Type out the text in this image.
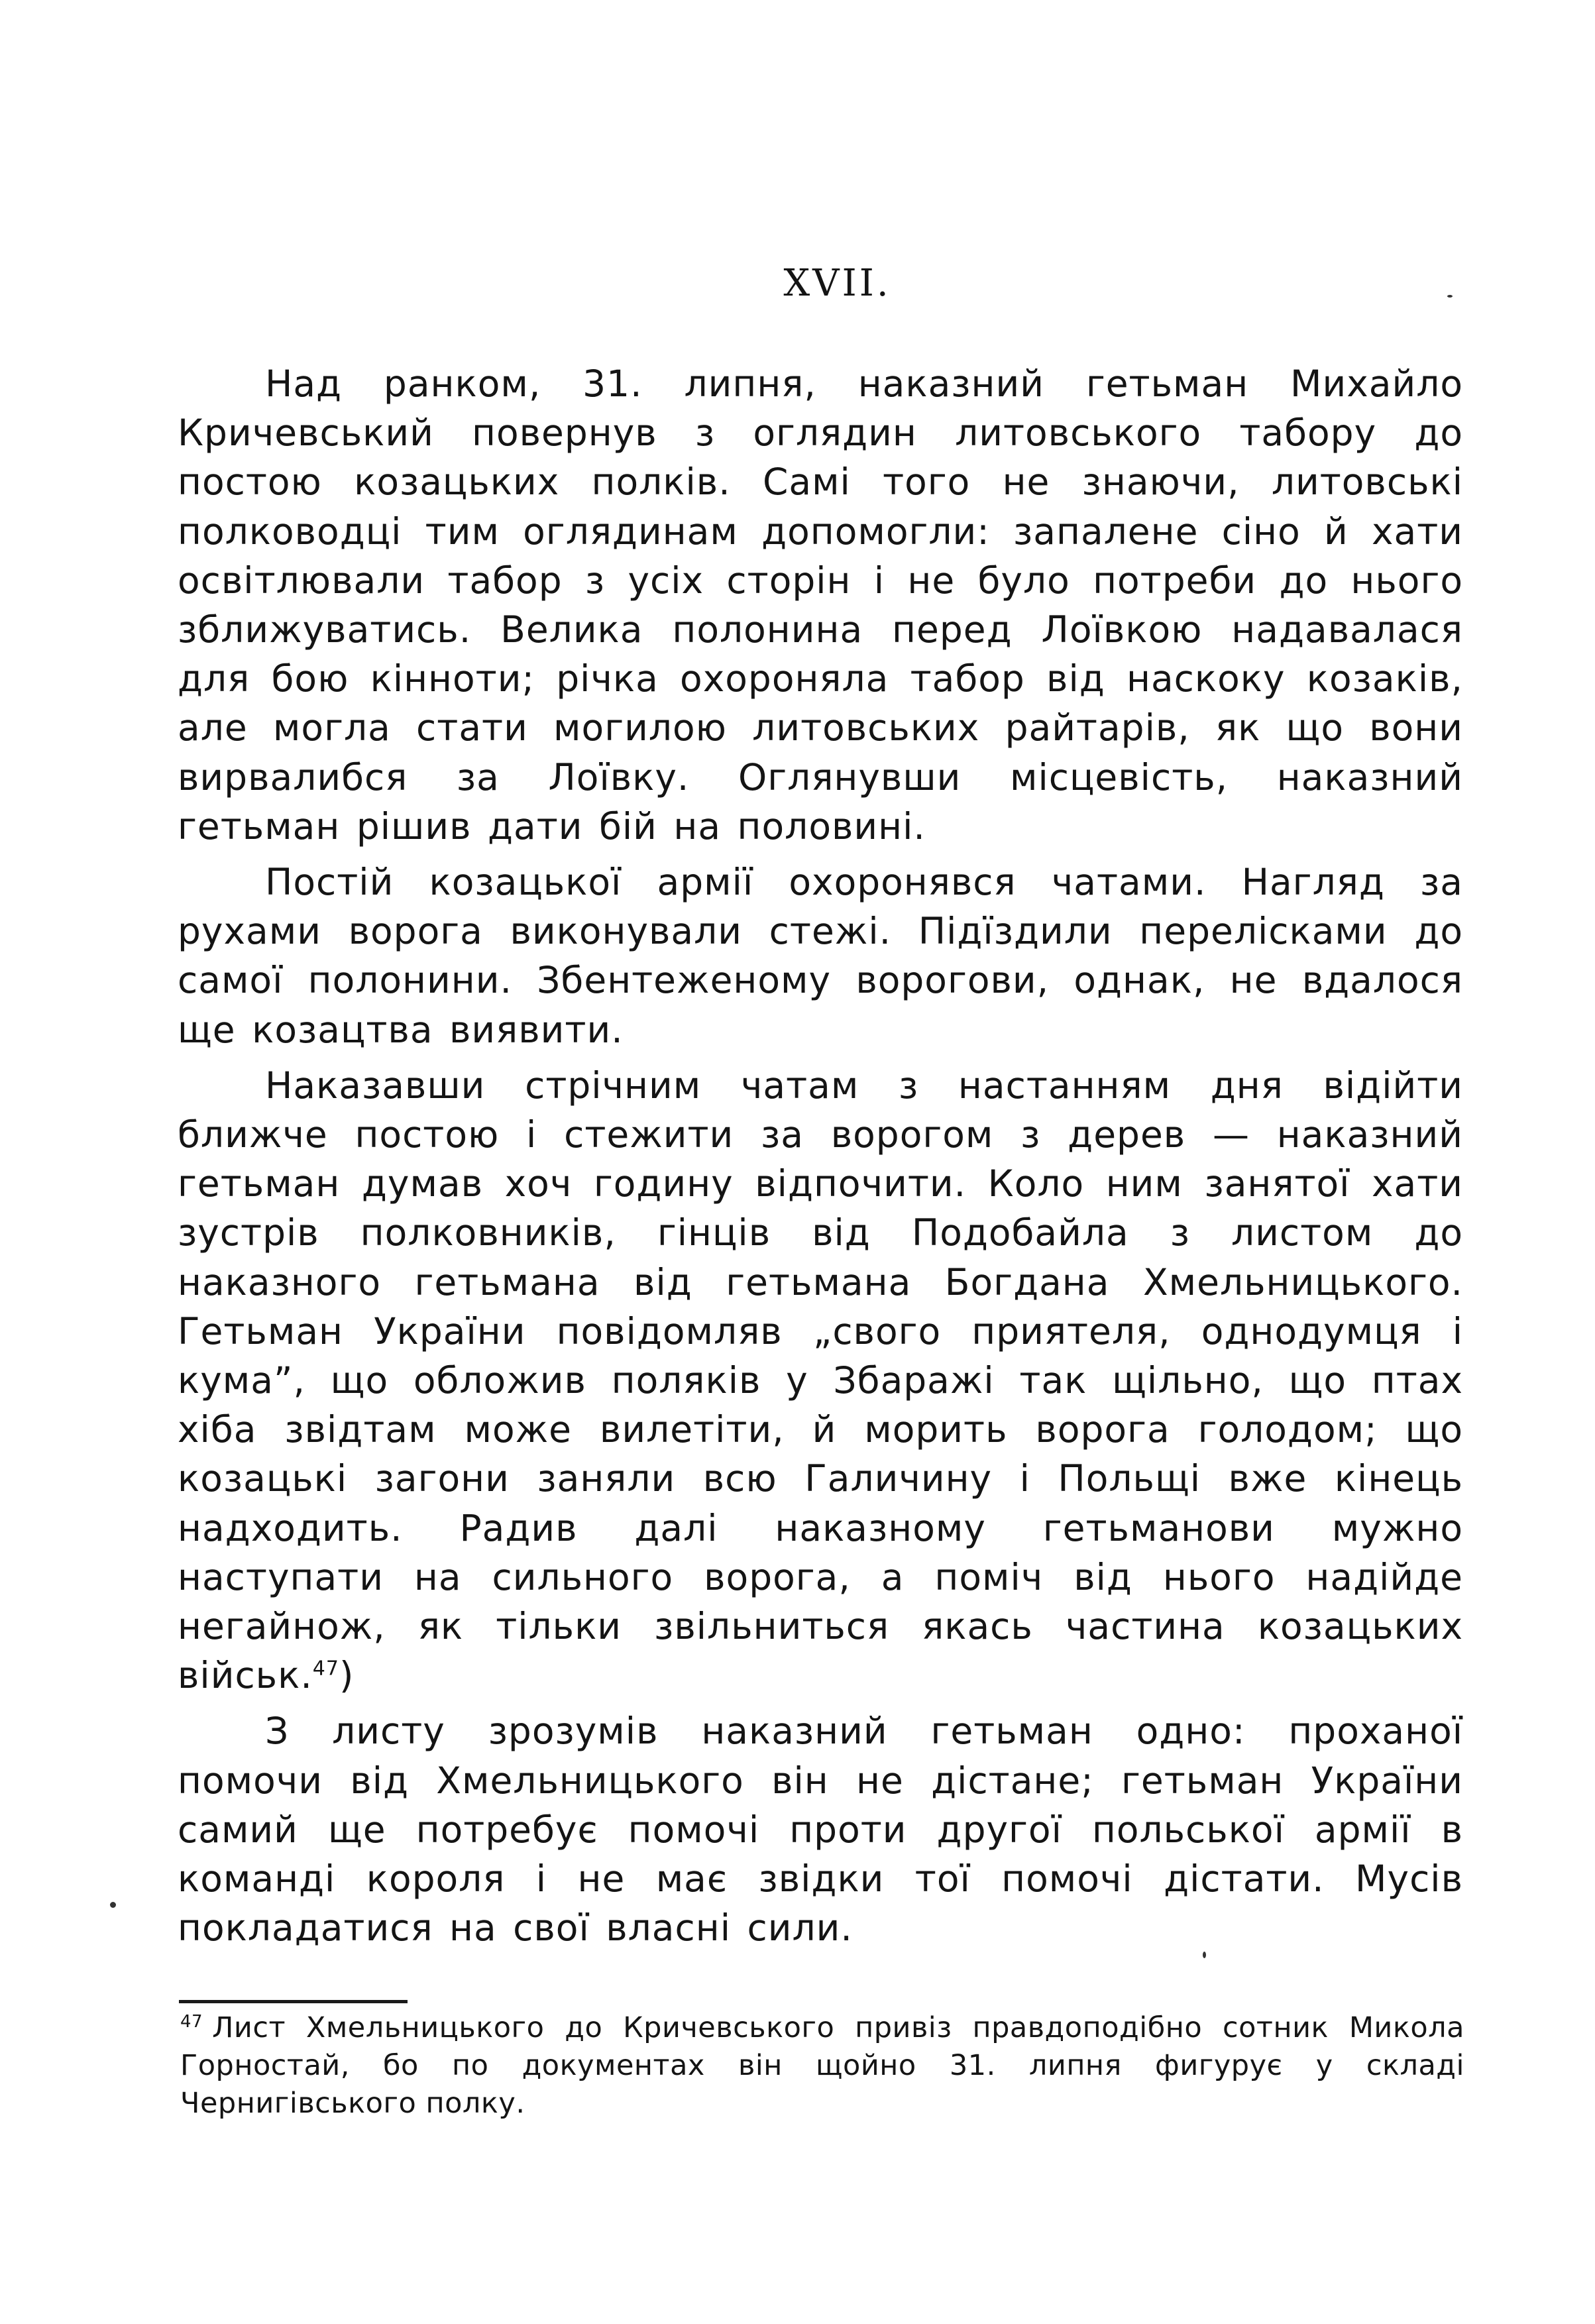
XVII.

Над ранком, 31. липня, наказний гетьман Михайло Кричевський повернув з оглядин литовського табору до постою козацьких полків. Самі того не знаючи, литовські полководці тим оглядинам допомогли: запалене сіно й хати освітлювали табор з усіх сторін і не було потреби до нього зближуватись. Велика полонина перед Лоївкою надавалася для бою кінноти; річка охороняла табор від наскоку козаків, але могла стати могилою литовських райтарів, як що вони вирвалибся за Лоївку. Оглянувши місцевість, наказний гетьман рішив дати бій на половині.

Постій козацької армії охоронявся чатами. Нагляд за рухами ворога виконували стежі. Підїздили перелісками до самої полонини. Збентеженому ворогови, однак, не вдалося ще козацтва виявити.

Наказавши стрічним чатам з настанням дня відійти ближче постою і стежити за ворогом з дерев — наказний гетьман думав хоч годину відпочити. Коло ним занятої хати зустрів полковників, гінців від Подобайла з листом до наказного гетьмана від гетьмана Богдана Хмельницького. Гетьман України повідомляв „свого приятеля, однодумця і кума”, що обложив поляків у Збаражі так щільно, що птах хіба звідтам може вилетіти, й морить ворога голодом; що козацькі загони заняли всю Галичину і Польщі вже кінець надходить. Радив далі наказному гетьманови мужно наступати на сильного ворога, а поміч від нього надійде негайнож, як тільки звільниться якась частина козацьких військ.$^{47}$)

З листу зрозумів наказний гетьман одно: проханої помочи від Хмельницького він не дістане; гетьман України самий ще потребує помочі проти другої польської армії в команді короля і не має звідки тої помочі дістати. Мусів покладатися на свої власні сили.

$^{47}$ Лист Хмельницького до Кричевського привіз правдоподібно сотник Микола Горностай, бо по документах він щойно 31. липня фигурує у складі Чернигівського полку.
